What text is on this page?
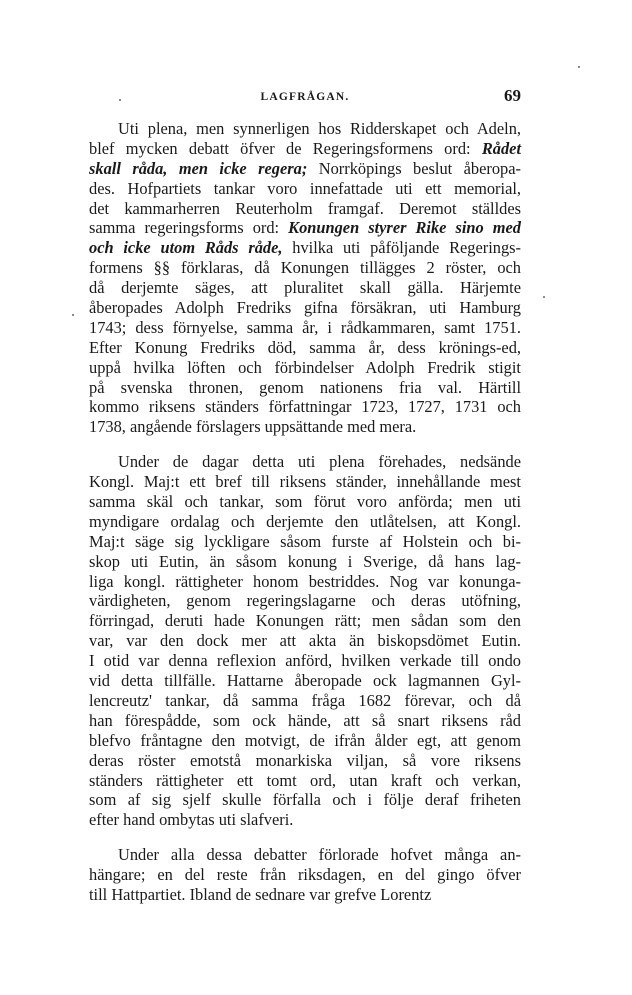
LAGFRÅGAN.	69
Uti plena, men synnerligen hos Ridderskapet och Adeln,
blef mycken debatt öfver de Regeringsformens ord: Rådet
skall råda, men icke regera; Norrköpings beslut åberopa-
des. Hofpartiets tankar voro innefattade uti ett memorial,
det kammarherren Reuterholm framgaf. Deremot ställdes
samma regeringsforms ord: Konungen styrer Rike sino med
och icke utom Råds råde, hvilka uti påföljande Regerings-
formens §§ förklaras, då Konungen tillägges 2 röster, och
då derjemte säges, att pluralitet skall gälla. Härjemte
åberopades Adolph Fredriks gifna försäkran, uti Hamburg
1743; dess förnyelse, samma år, i rådkammaren, samt 1751.
Efter Konung Fredriks död, samma år, dess krönings-ed,
uppå hvilka löften och förbindelser Adolph Fredrik stigit
på svenska thronen, genom nationens fria val. Härtill
kommo riksens ständers författningar 1723, 1727, 1731 och
1738, angående förslagers uppsättande med mera.
Under de dagar detta uti plena förehades, nedsände
Kongl. Maj:t ett bref till riksens ständer, innehållande mest
samma skäl och tankar, som förut voro anförda; men uti
myndigare ordalag och derjemte den utlåtelsen, att Kongl.
Maj:t säge sig lyckligare såsom furste af Holstein och bi-
skop uti Eutin, än såsom konung i Sverige, då hans lag-
liga kongl. rättigheter honom bestriddes. Nog var konunga-
värdigheten, genom regeringslagarne och deras utöfning,
förringad, deruti hade Konungen rätt; men sådan som den
var, var den dock mer att akta än biskopsdömet Eutin.
I otid var denna reflexion anförd, hvilken verkade till ondo
vid detta tillfälle. Hattarne åberopade ock lagmannen Gyl-
lencreutz' tankar, då samma fråga 1682 förevar, och då
han förespådde, som ock hände, att så snart riksens råd
blefvo fråntagne den motvigt, de ifrån ålder egt, att genom
deras röster emotstå monarkiska viljan, så vore riksens
ständers rättigheter ett tomt ord, utan kraft och verkan,
som af sig sjelf skulle förfalla och i följe deraf friheten
efter hand ombytas uti slafveri.
Under alla dessa debatter förlorade hofvet många an-
hängare; en del reste från riksdagen, en del gingo öfver
till Hattpartiet. Ibland de sednare var grefve Lorentz
